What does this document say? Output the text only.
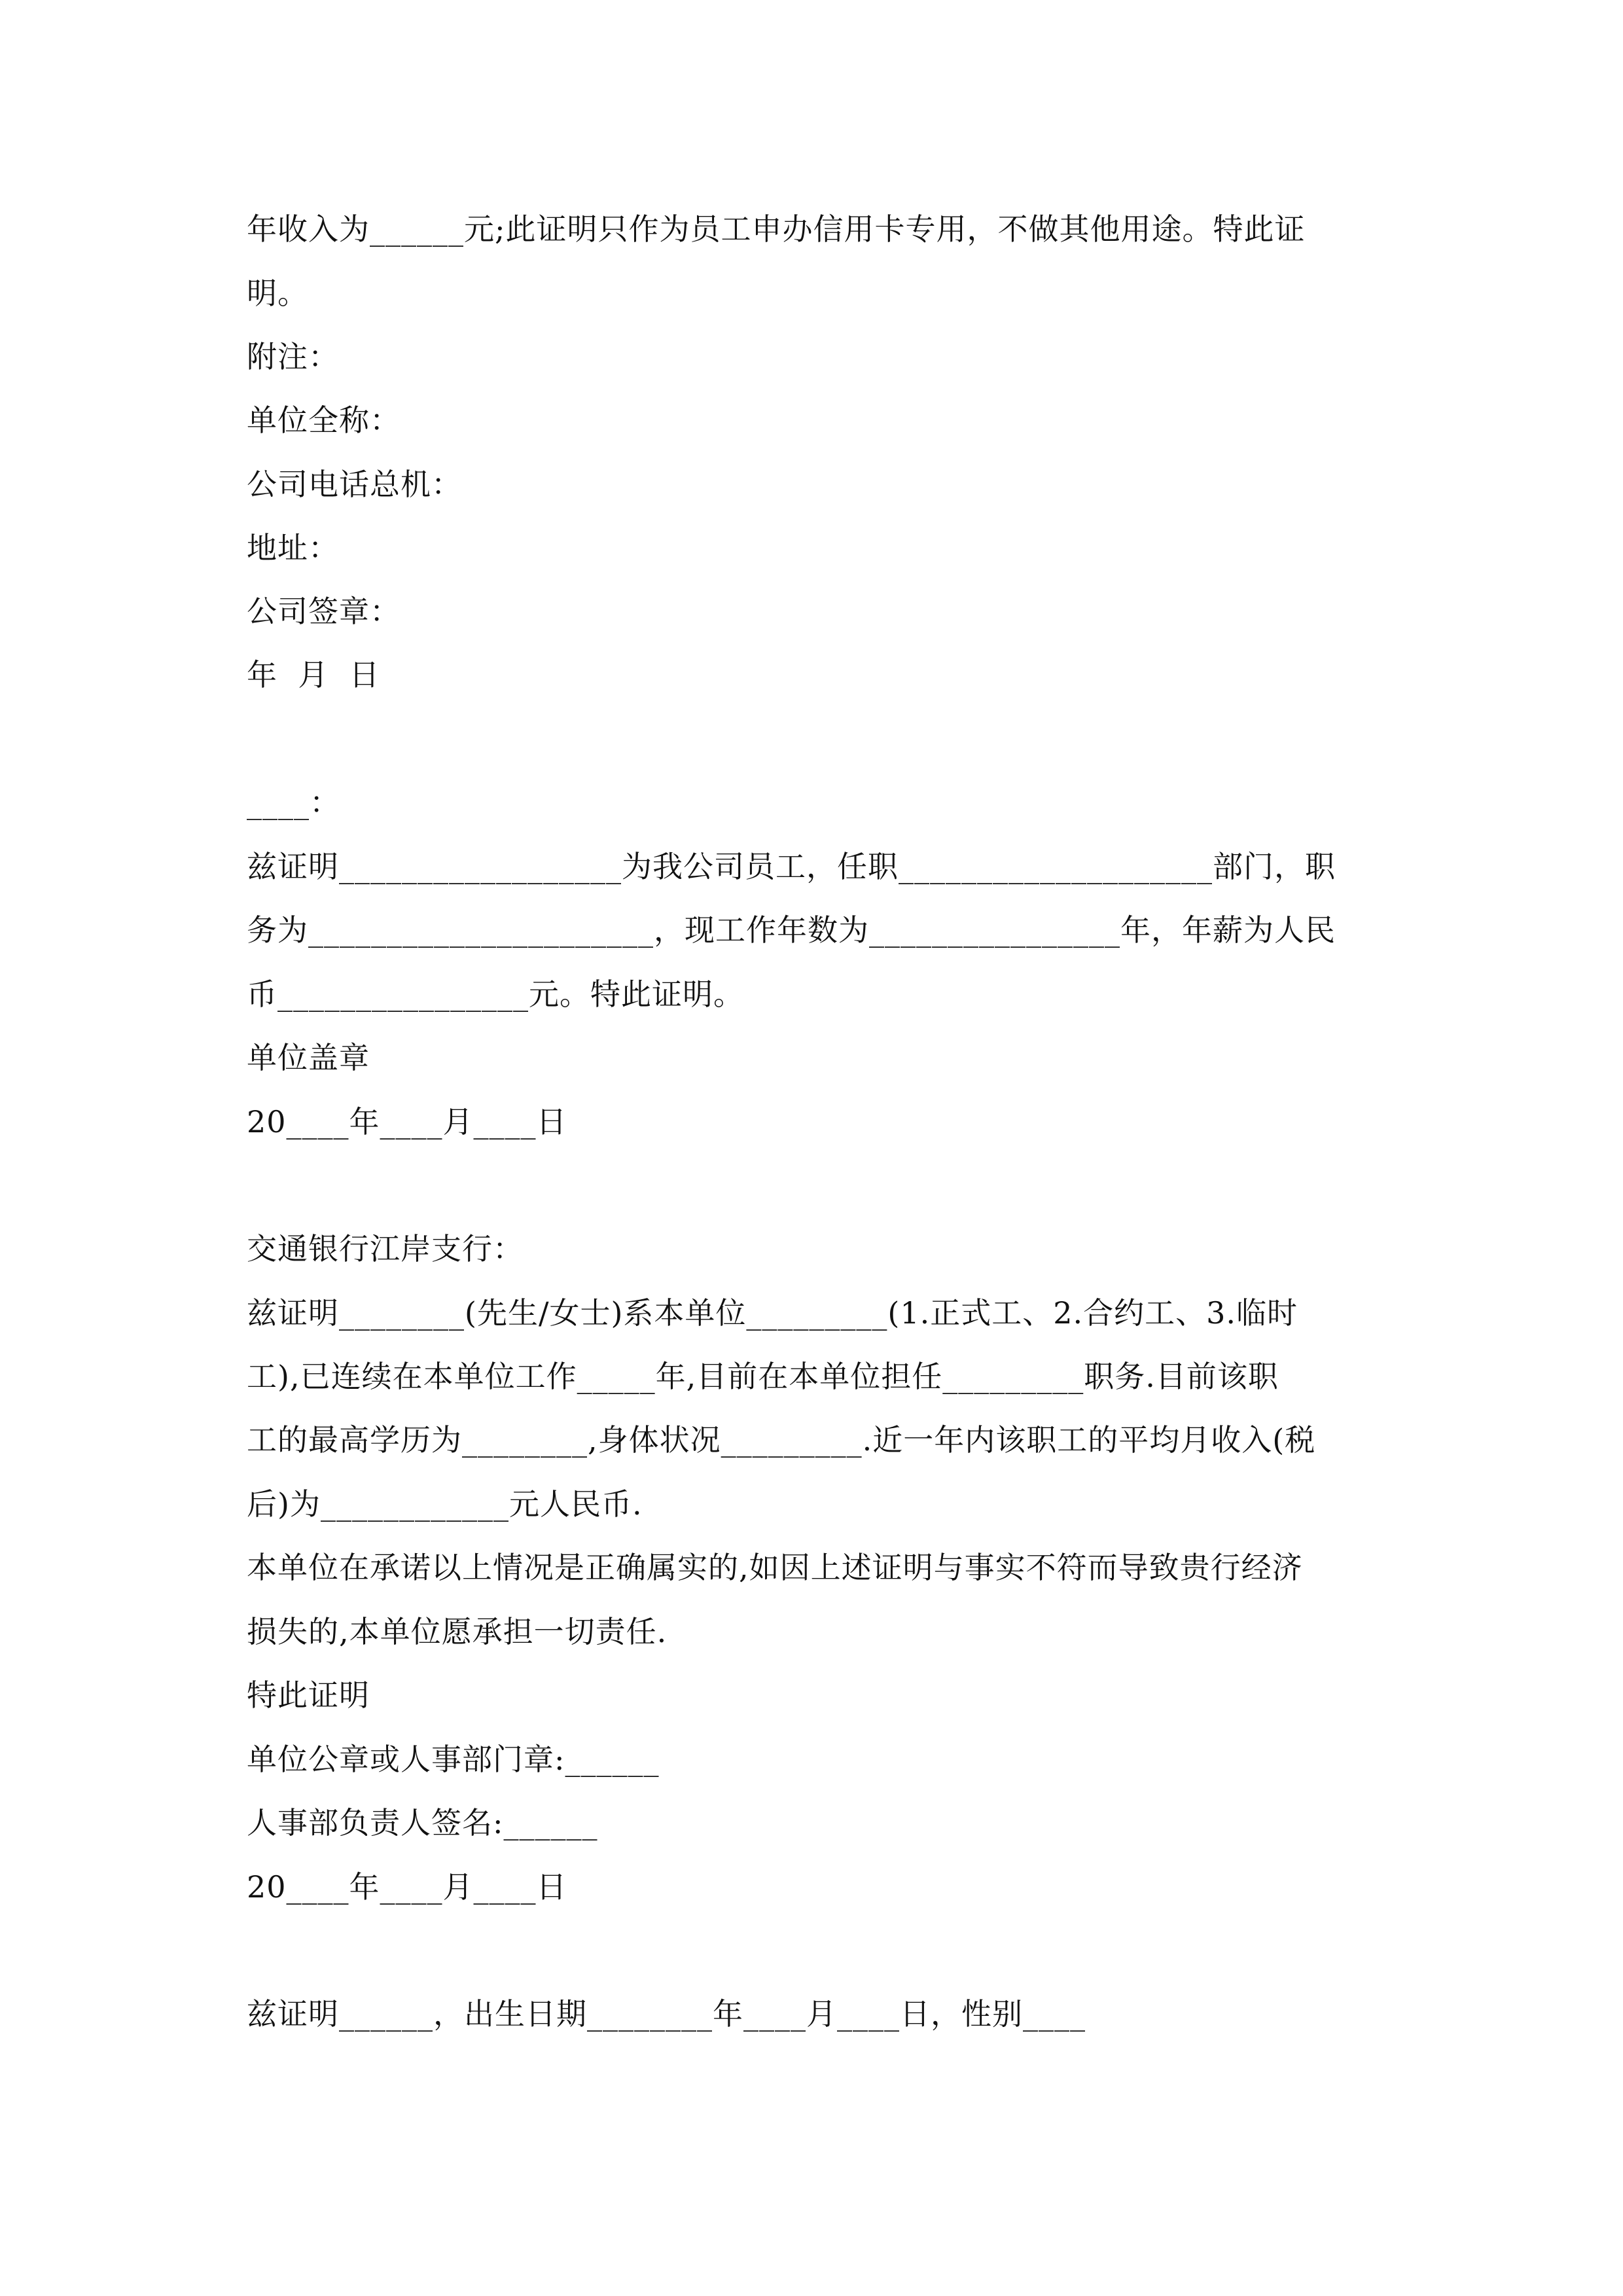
年收入为______元;此证明只作为员工申办信用卡专用，不做其他用途。特此证
明。
附注：
单位全称：
公司电话总机：
地址：
公司签章：
年  月  日
____：
兹证明__________________为我公司员工，任职____________________部门，职
务为______________________，现工作年数为________________年，年薪为人民
币________________元。特此证明。
单位盖章
20____年____月____日
交通银行江岸支行：
兹证明________(先生/女士)系本单位_________(1.正式工、2.合约工、3.临时
工),已连续在本单位工作_____年,目前在本单位担任_________职务.目前该职
工的最高学历为________,身体状况_________.近一年内该职工的平均月收入(税
后)为____________元人民币.
本单位在承诺以上情况是正确属实的,如因上述证明与事实不符而导致贵行经济
损失的,本单位愿承担一切责任.
特此证明
单位公章或人事部门章:______
人事部负责人签名:______
20____年____月____日
兹证明______，出生日期________年____月____日，性别____
